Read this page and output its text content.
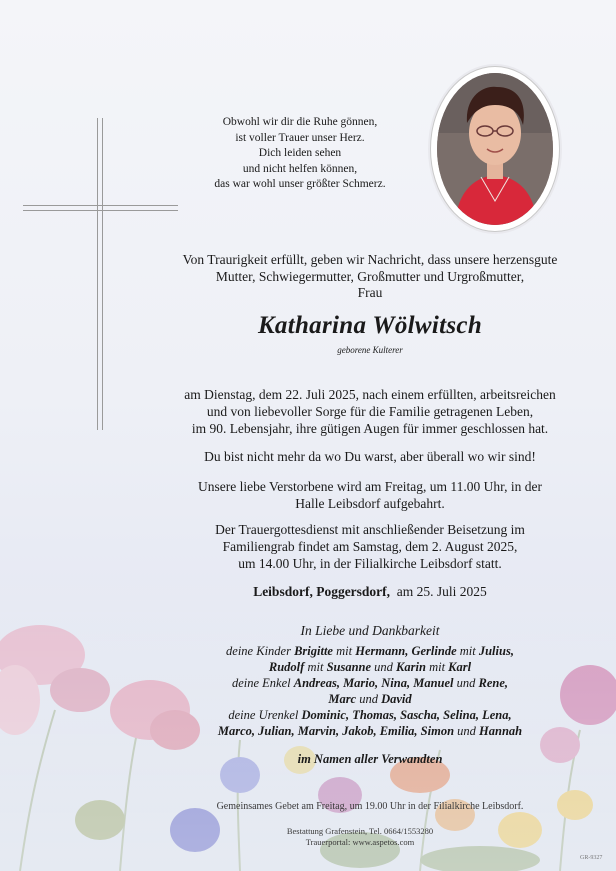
Obwohl wir dir die Ruhe gönnen,
ist voller Trauer unser Herz.
Dich leiden sehen
und nicht helfen können,
das war wohl unser größter Schmerz.
Von Traurigkeit erfüllt, geben wir Nachricht, dass unsere herzensgute
Mutter, Schwiegermutter, Großmutter und Urgroßmutter,
Frau
Katharina Wölwitsch
geborene Kulterer
am Dienstag, dem 22. Juli 2025, nach einem erfüllten, arbeitsreichen
und von liebevoller Sorge für die Familie getragenen Leben,
im 90. Lebensjahr, ihre gütigen Augen für immer geschlossen hat.
Du bist nicht mehr da wo Du warst, aber überall wo wir sind!
Unsere liebe Verstorbene wird am Freitag, um 11.00 Uhr, in der
Halle Leibsdorf aufgebahrt.
Der Trauergottesdienst mit anschließender Beisetzung im
Familiengrab findet am Samstag, dem 2. August 2025,
um 14.00 Uhr, in der Filialkirche Leibsdorf statt.
Leibsdorf, Poggersdorf, am 25. Juli 2025
In Liebe und Dankbarkeit
deine Kinder Brigitte mit Hermann, Gerlinde mit Julius,
Rudolf mit Susanne und Karin mit Karl
deine Enkel Andreas, Mario, Nina, Manuel und Rene,
Marc und David
deine Urenkel Dominic, Thomas, Sascha, Selina, Lena,
Marco, Julian, Marvin, Jakob, Emilia, Simon und Hannah
im Namen aller Verwandten
Gemeinsames Gebet am Freitag, um 19.00 Uhr in der Filialkirche Leibsdorf.
Bestattung Grafenstein, Tel. 0664/1553280
Trauerportal: www.aspetos.com
GR-9327
